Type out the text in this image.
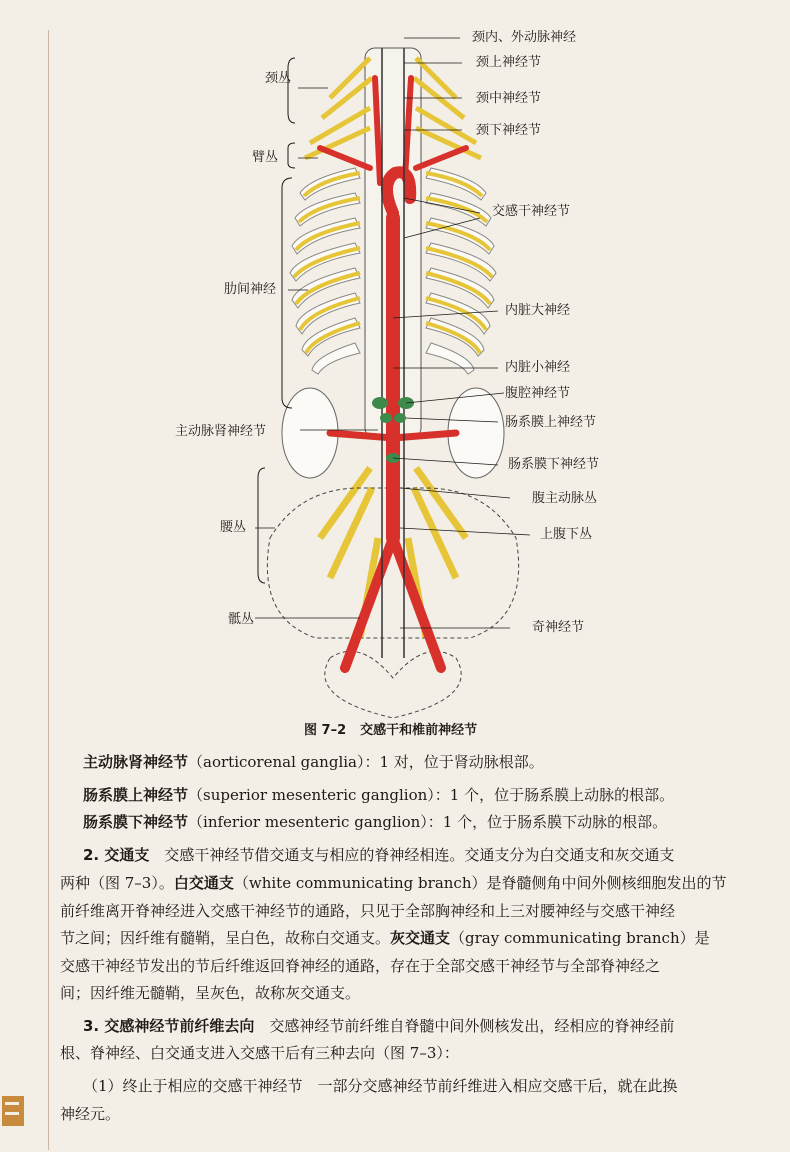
颈内、外动脉神经
颈上神经节
颈丛
颈中神经节
颈下神经节
臂丛
交感干神经节
肋间神经
内脏大神经
内脏小神经
腹腔神经节
主动脉肾神经节
肠系膜上神经节
肠系膜下神经节
腹主动脉丛
腰丛	上腹下丛
骶丛
奇神经节
图 7–2 交感干和椎前神经节
主动脉肾神经节（aorticorenal ganglia）：1 对，位于肾动脉根部。
肠系膜上神经节（superior mesenteric ganglion）：1 个，位于肠系膜上动脉的根部。
肠系膜下神经节（inferior mesenteric ganglion）：1 个，位于肠系膜下动脉的根部。
2. 交通支　交感干神经节借交通支与相应的脊神经相连。交通支分为白交通支和灰交通支
两种（图 7–3）。白交通支（white communicating branch）是脊髓侧角中间外侧核细胞发出的节
前纤维离开脊神经进入交感干神经节的通路，只见于全部胸神经和上三对腰神经与交感干神经
节之间；因纤维有髓鞘，呈白色，故称白交通支。灰交通支（gray communicating branch）是
交感干神经节发出的节后纤维返回脊神经的通路，存在于全部交感干神经节与全部脊神经之
间；因纤维无髓鞘，呈灰色，故称灰交通支。
3. 交感神经节前纤维去向　交感神经节前纤维自脊髓中间外侧核发出，经相应的脊神经前
根、脊神经、白交通支进入交感干后有三种去向（图 7–3）：
（1）终止于相应的交感干神经节　一部分交感神经节前纤维进入相应交感干后，就在此换
神经元。
